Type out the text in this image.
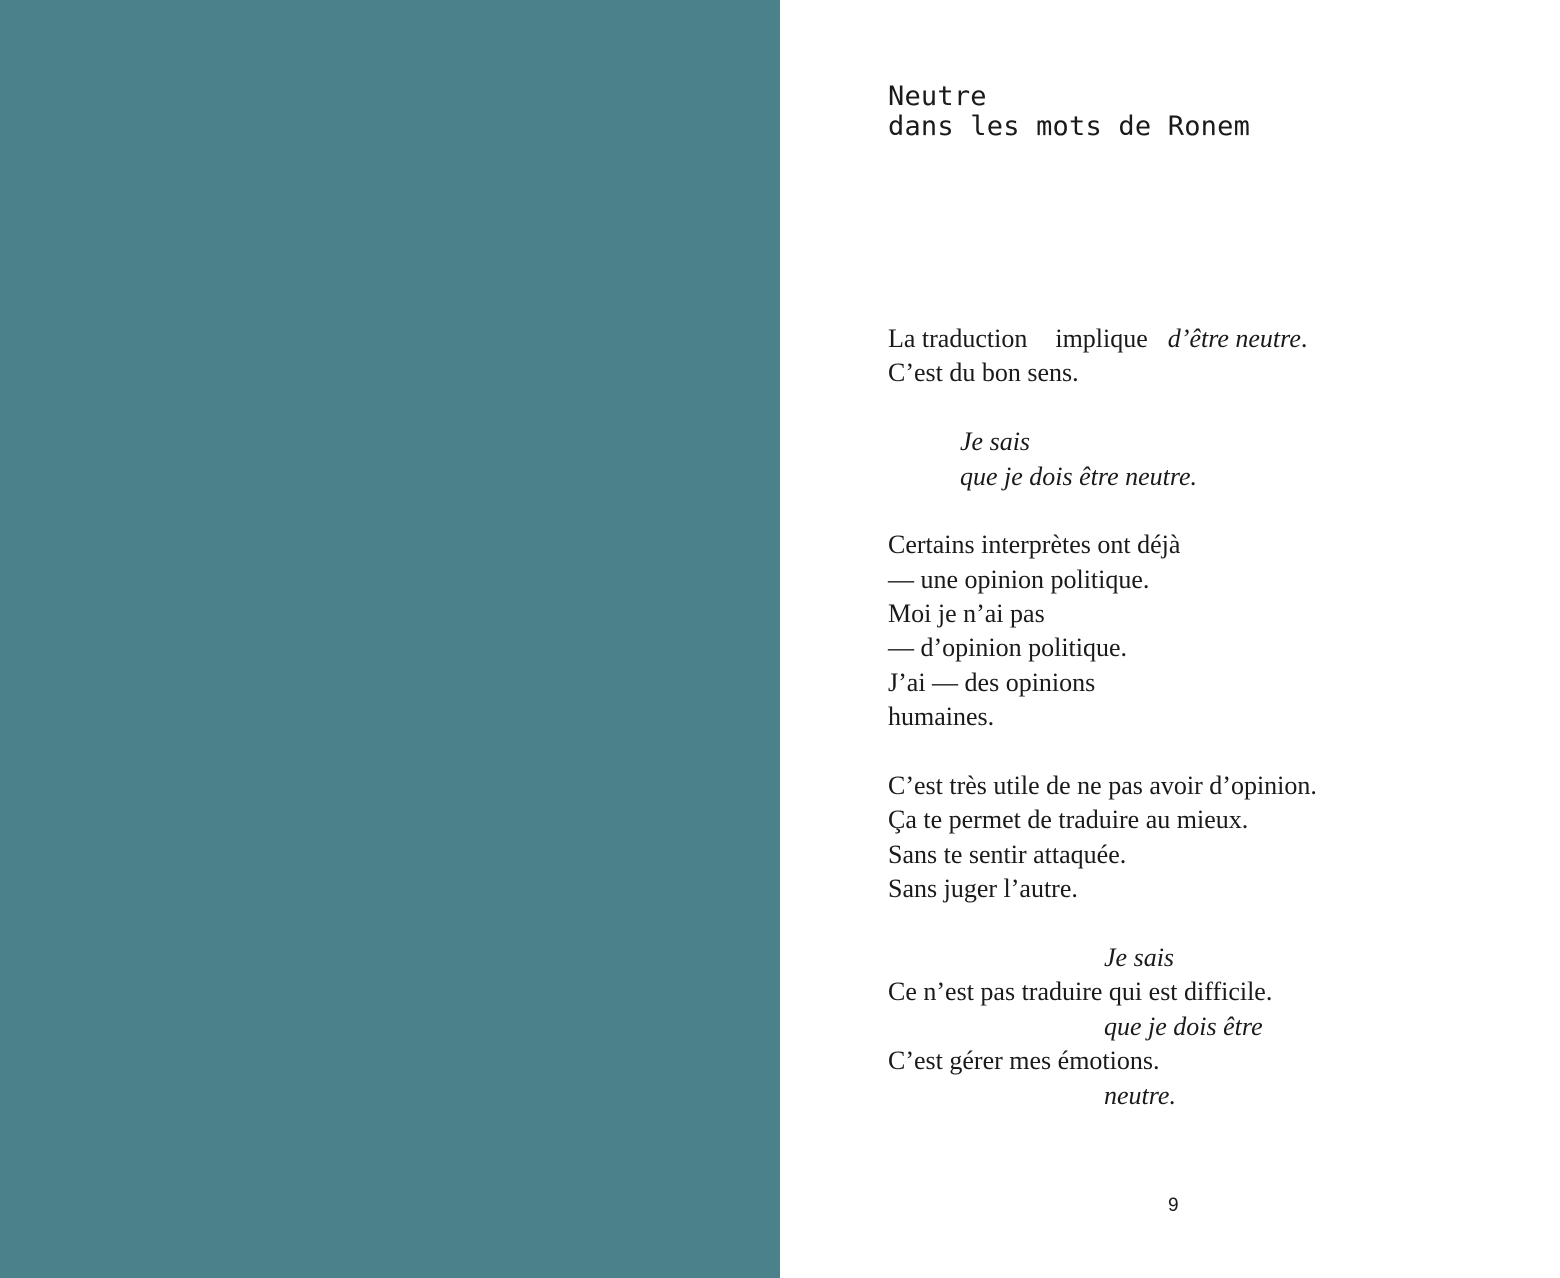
Neutre
dans les mots de Ronem

La traduction implique d’être neutre.

C’est du bon sens.

Je sais

que je dois être neutre.

Certains interprètes ont déjà

— une opinion politique.

Moi je n’ai pas

— d’opinion politique.

J’ai — des opinions

humaines.

C’est très utile de ne pas avoir d’opinion.

Ça te permet de traduire au mieux.

Sans te sentir attaquée.

Sans juger l’autre.

Je sais

Ce n’est pas traduire qui est difficile.

que je dois être

C’est gérer mes émotions.

neutre.

9
